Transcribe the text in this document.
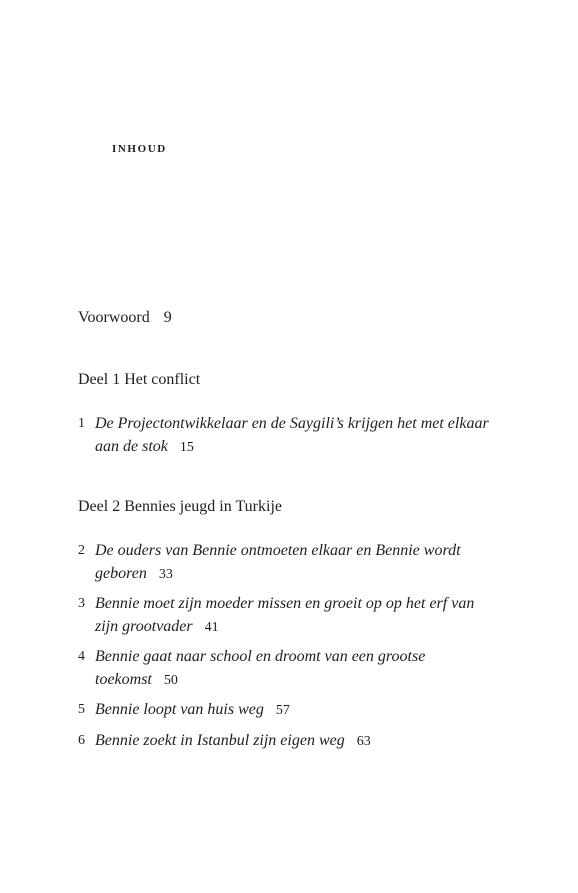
inhoud
Voorwoord 9
Deel 1 Het conflict
1 De Projectontwikkelaar en de Saygili’s krijgen het met elkaar
aan de stok 15
Deel 2 Bennies jeugd in Turkije
2 De ouders van Bennie ontmoeten elkaar en Bennie wordt
geboren 33
3 Bennie moet zijn moeder missen en groeit op op het erf van
zijn grootvader 41
4 Bennie gaat naar school en droomt van een grootse
toekomst 50
5 Bennie loopt van huis weg 57
6 Bennie zoekt in Istanbul zijn eigen weg 63
